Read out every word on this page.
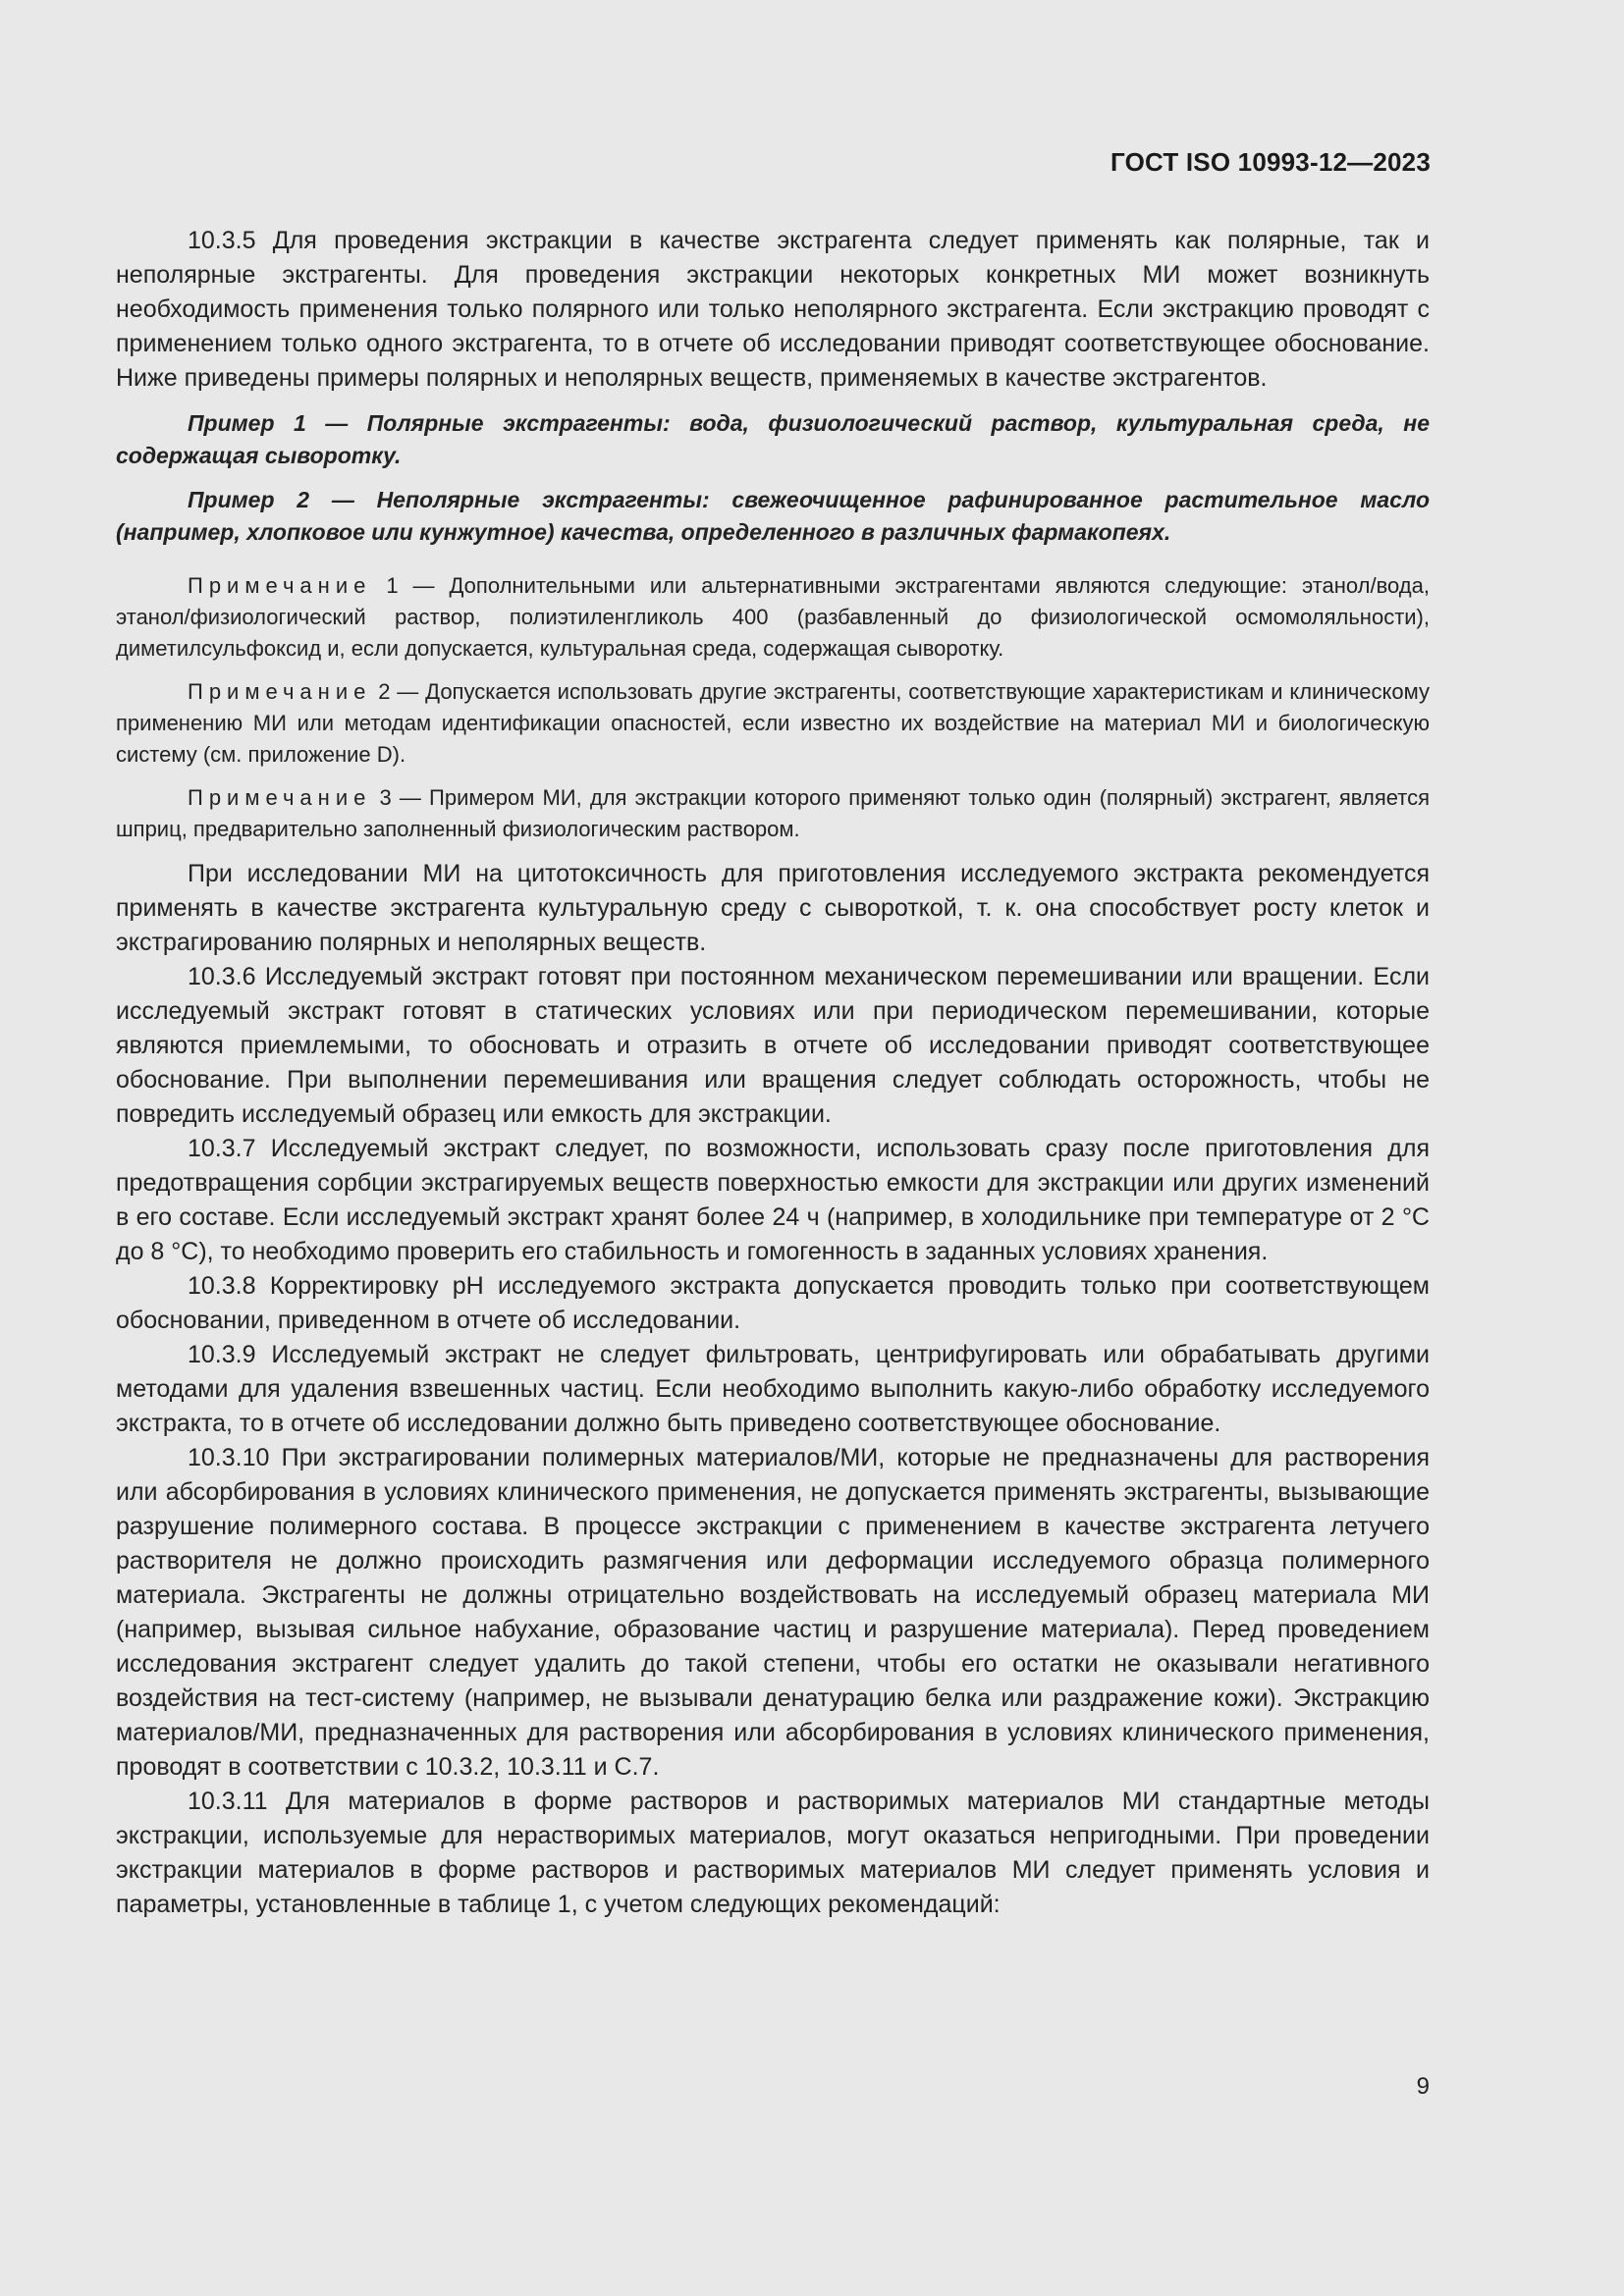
ГОСТ ISO 10993-12—2023

10.3.5 Для проведения экстракции в качестве экстрагента следует применять как полярные, так и неполярные экстрагенты. Для проведения экстракции некоторых конкретных МИ может возникнуть необходимость применения только полярного или только неполярного экстрагента. Если экстракцию проводят с применением только одного экстрагента, то в отчете об исследовании приводят соответствующее обоснование. Ниже приведены примеры полярных и неполярных веществ, применяемых в качестве экстрагентов.

Пример 1 — Полярные экстрагенты: вода, физиологический раствор, культуральная среда, не содержащая сыворотку.

Пример 2 — Неполярные экстрагенты: свежеочищенное рафинированное растительное масло (например, хлопковое или кунжутное) качества, определенного в различных фармакопеях.

Примечание 1 — Дополнительными или альтернативными экстрагентами являются следующие: этанол/вода, этанол/физиологический раствор, полиэтиленгликоль 400 (разбавленный до физиологической осмомоляльности), диметилсульфоксид и, если допускается, культуральная среда, содержащая сыворотку.

Примечание 2 — Допускается использовать другие экстрагенты, соответствующие характеристикам и клиническому применению МИ или методам идентификации опасностей, если известно их воздействие на материал МИ и биологическую систему (см. приложение D).

Примечание 3 — Примером МИ, для экстракции которого применяют только один (полярный) экстрагент, является шприц, предварительно заполненный физиологическим раствором.

При исследовании МИ на цитотоксичность для приготовления исследуемого экстракта рекомендуется применять в качестве экстрагента культуральную среду с сывороткой, т. к. она способствует росту клеток и экстрагированию полярных и неполярных веществ.

10.3.6 Исследуемый экстракт готовят при постоянном механическом перемешивании или вращении. Если исследуемый экстракт готовят в статических условиях или при периодическом перемешивании, которые являются приемлемыми, то обосновать и отразить в отчете об исследовании приводят соответствующее обоснование. При выполнении перемешивания или вращения следует соблюдать осторожность, чтобы не повредить исследуемый образец или емкость для экстракции.

10.3.7 Исследуемый экстракт следует, по возможности, использовать сразу после приготовления для предотвращения сорбции экстрагируемых веществ поверхностью емкости для экстракции или других изменений в его составе. Если исследуемый экстракт хранят более 24 ч (например, в холодильнике при температуре от 2 °С до 8 °С), то необходимо проверить его стабильность и гомогенность в заданных условиях хранения.

10.3.8 Корректировку pH исследуемого экстракта допускается проводить только при соответствующем обосновании, приведенном в отчете об исследовании.

10.3.9 Исследуемый экстракт не следует фильтровать, центрифугировать или обрабатывать другими методами для удаления взвешенных частиц. Если необходимо выполнить какую-либо обработку исследуемого экстракта, то в отчете об исследовании должно быть приведено соответствующее обоснование.

10.3.10 При экстрагировании полимерных материалов/МИ, которые не предназначены для растворения или абсорбирования в условиях клинического применения, не допускается применять экстрагенты, вызывающие разрушение полимерного состава. В процессе экстракции с применением в качестве экстрагента летучего растворителя не должно происходить размягчения или деформации исследуемого образца полимерного материала. Экстрагенты не должны отрицательно воздействовать на исследуемый образец материала МИ (например, вызывая сильное набухание, образование частиц и разрушение материала). Перед проведением исследования экстрагент следует удалить до такой степени, чтобы его остатки не оказывали негативного воздействия на тест-систему (например, не вызывали денатурацию белка или раздражение кожи). Экстракцию материалов/МИ, предназначенных для растворения или абсорбирования в условиях клинического применения, проводят в соответствии с 10.3.2, 10.3.11 и С.7.

10.3.11 Для материалов в форме растворов и растворимых материалов МИ стандартные методы экстракции, используемые для нерастворимых материалов, могут оказаться непригодными. При проведении экстракции материалов в форме растворов и растворимых материалов МИ следует применять условия и параметры, установленные в таблице 1, с учетом следующих рекомендаций:

9
